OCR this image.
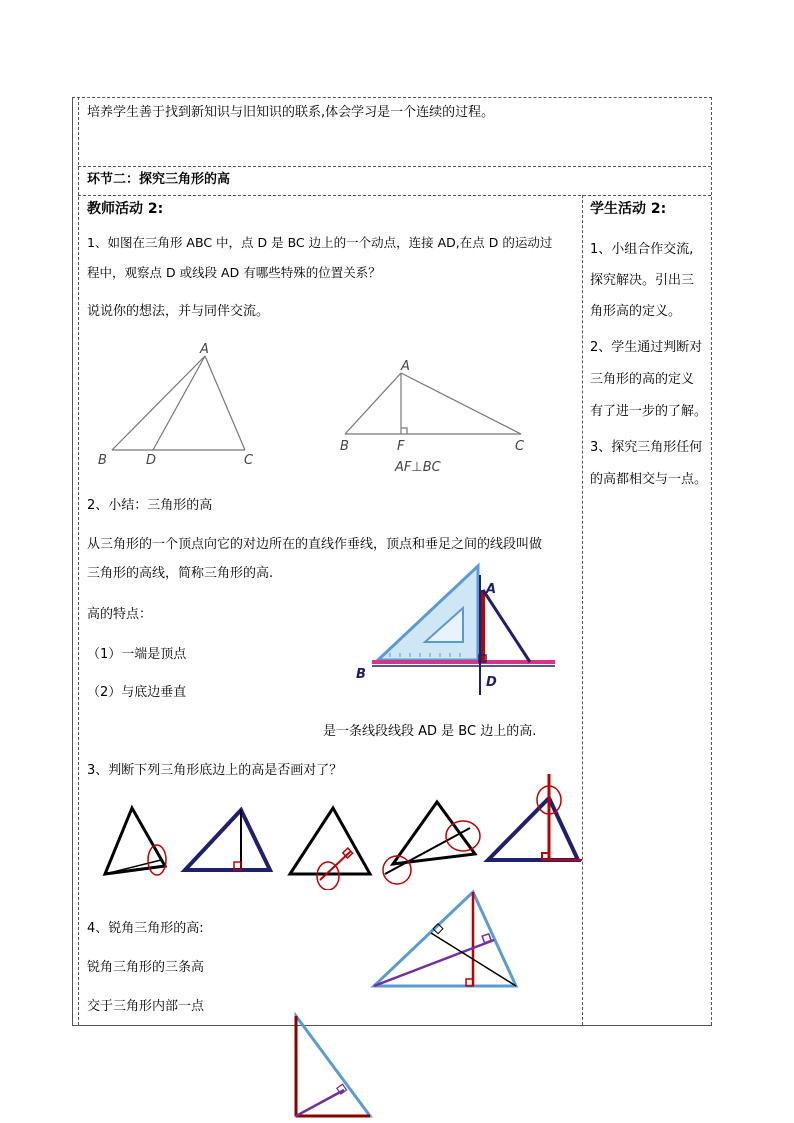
培养学生善于找到新知识与旧知识的联系,体会学习是一个连续的过程。
环节二：探究三角形的高
教师活动 2:
1、如图在三角形 ABC 中，点 D 是 BC 边上的一个动点，连接 AD,在点 D 的运动过
程中，观察点 D 或线段 AD 有哪些特殊的位置关系？
说说你的想法，并与同伴交流。
A
B	D	C
A
B	F	C
AF⊥BC
2、小结：三角形的高
从三角形的一个顶点向它的对边所在的直线作垂线，顶点和垂足之间的线段叫做
三角形的高线，简称三角形的高.
高的特点：
（1）一端是顶点
（2）与底边垂直
A
B
D
是一条线段线段 AD 是 BC 边上的高.
3、判断下列三角形底边上的高是否画对了？
4、锐角三角形的高:
锐角三角形的三条高
交于三角形内部一点
学生活动 2:
1、小组合作交流,
探究解决。引出三
角形高的定义。
2、学生通过判断对
三角形的高的定义
有了进一步的了解。
3、探究三角形任何
的高都相交与一点。
